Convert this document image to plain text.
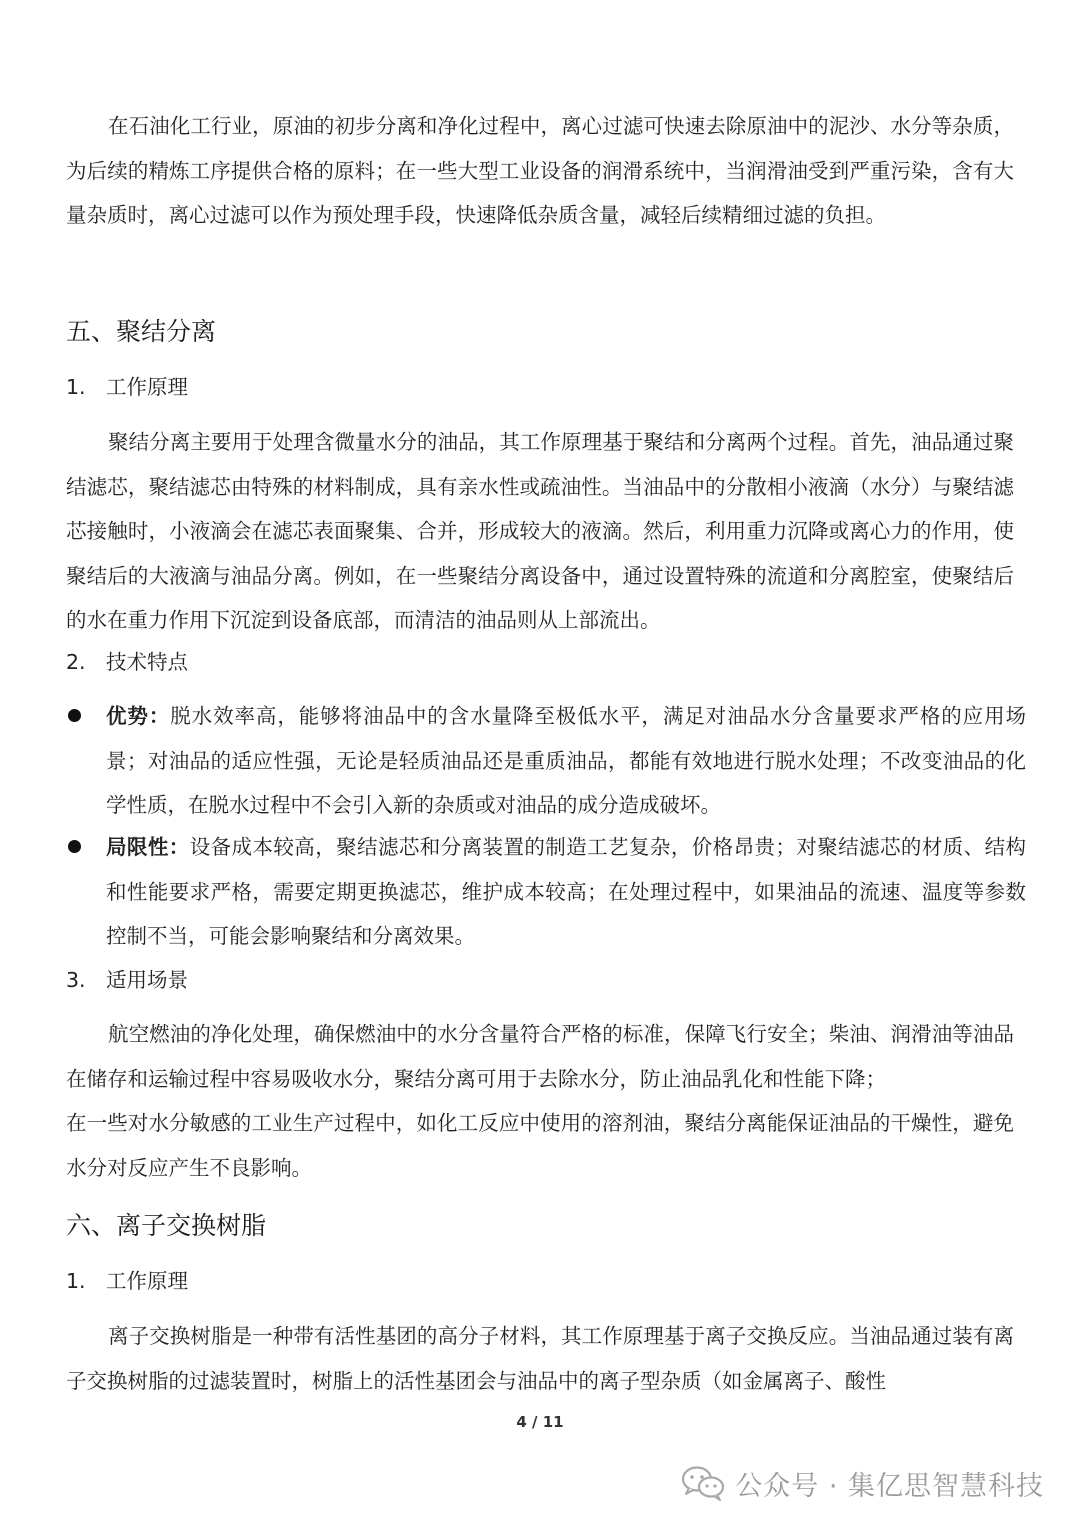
在石油化工行业，原油的初步分离和净化过程中，离心过滤可快速去除原油中的泥沙、水分等杂质，为后续的精炼工序提供合格的原料；在一些大型工业设备的润滑系统中，当润滑油受到严重污染，含有大量杂质时，离心过滤可以作为预处理手段，快速降低杂质含量，减轻后续精细过滤的负担。

五、聚结分离
1. 工作原理

聚结分离主要用于处理含微量水分的油品，其工作原理基于聚结和分离两个过程。首先，油品通过聚结滤芯，聚结滤芯由特殊的材料制成，具有亲水性或疏油性。当油品中的分散相小液滴（水分）与聚结滤芯接触时，小液滴会在滤芯表面聚集、合并，形成较大的液滴。然后，利用重力沉降或离心力的作用，使聚结后的大液滴与油品分离。例如，在一些聚结分离设备中，通过设置特殊的流道和分离腔室，使聚结后的水在重力作用下沉淀到设备底部，而清洁的油品则从上部流出。

2. 技术特点
优势：脱水效率高，能够将油品中的含水量降至极低水平，满足对油品水分含量要求严格的应用场景；对油品的适应性强，无论是轻质油品还是重质油品，都能有效地进行脱水处理；不改变油品的化学性质，在脱水过程中不会引入新的杂质或对油品的成分造成破坏。
局限性：设备成本较高，聚结滤芯和分离装置的制造工艺复杂，价格昂贵；对聚结滤芯的材质、结构和性能要求严格，需要定期更换滤芯，维护成本较高；在处理过程中，如果油品的流速、温度等参数控制不当，可能会影响聚结和分离效果。
3. 适用场景

航空燃油的净化处理，确保燃油中的水分含量符合严格的标准，保障飞行安全；柴油、润滑油等油品在储存和运输过程中容易吸收水分，聚结分离可用于去除水分，防止油品乳化和性能下降；

在一些对水分敏感的工业生产过程中，如化工反应中使用的溶剂油，聚结分离能保证油品的干燥性，避免水分对反应产生不良影响。

六、离子交换树脂
1. 工作原理

离子交换树脂是一种带有活性基团的高分子材料，其工作原理基于离子交换反应。当油品通过装有离子交换树脂的过滤装置时，树脂上的活性基团会与油品中的离子型杂质（如金属离子、酸性

4 / 11
公众号 · 集亿思智慧科技
